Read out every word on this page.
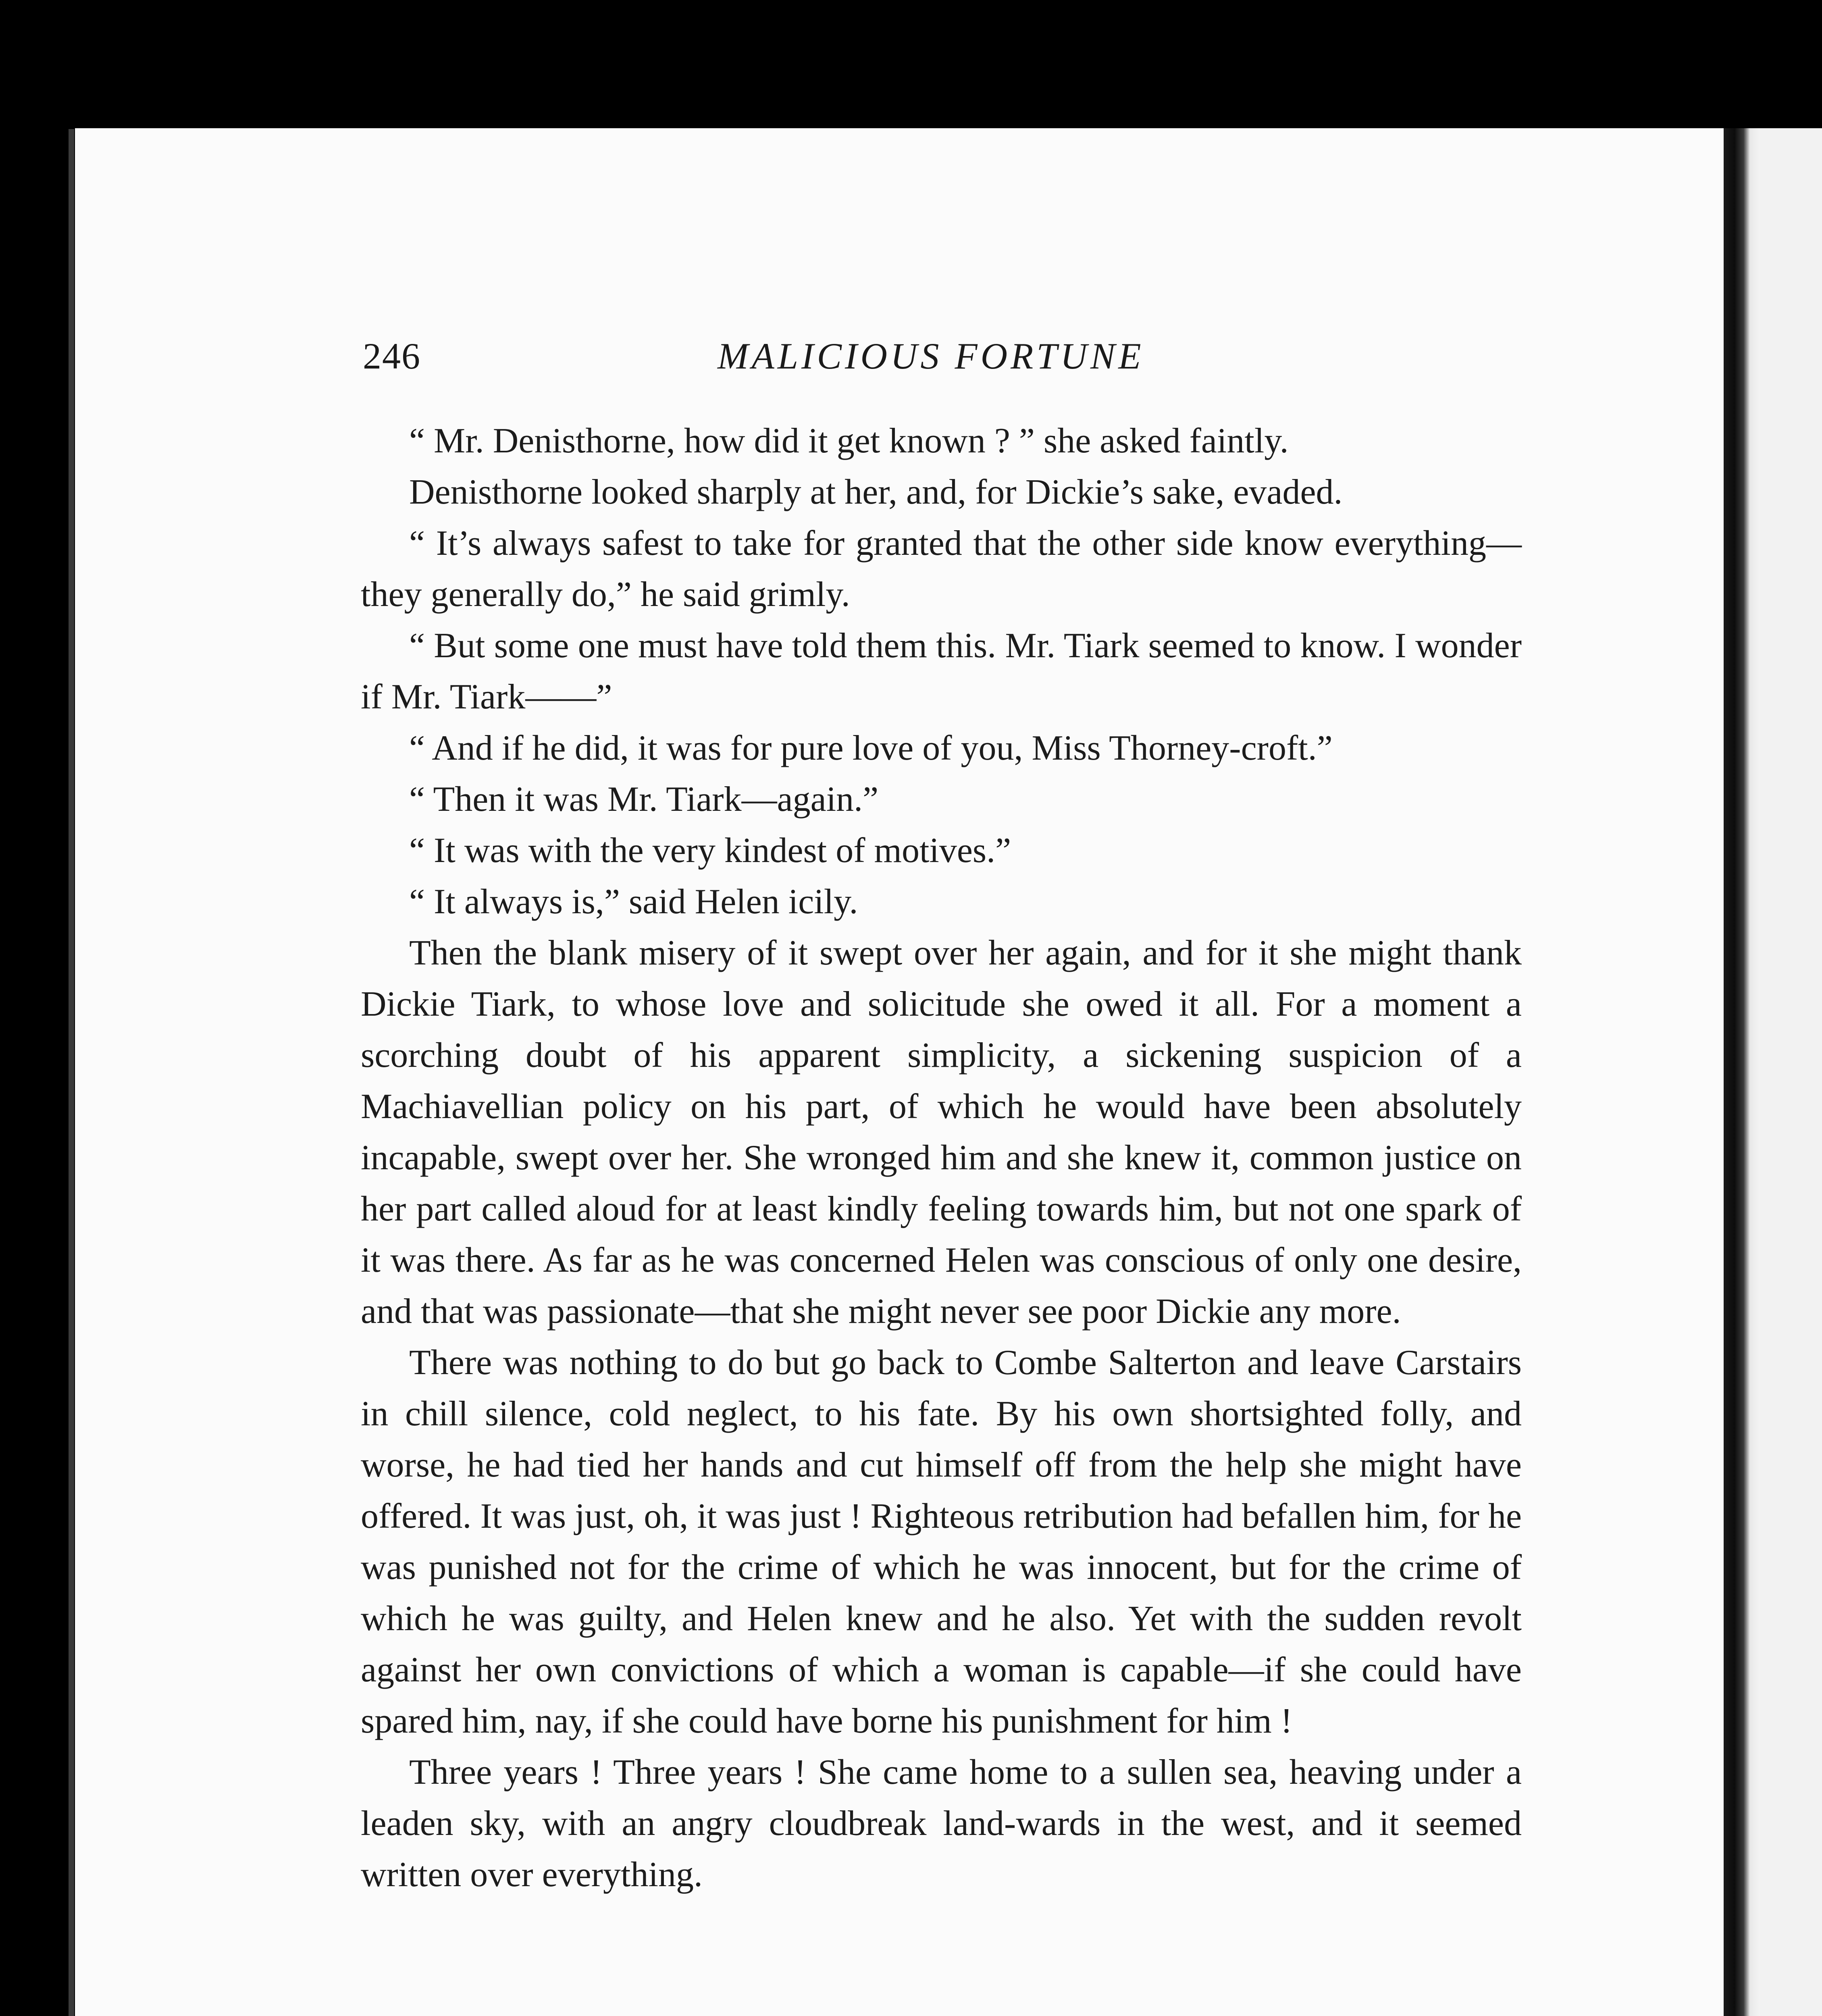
246	MALICIOUS FORTUNE

“ Mr. Denisthorne, how did it get known ? ” she asked faintly.

Denisthorne looked sharply at her, and, for Dickie’s sake, evaded.

“ It’s always safest to take for granted that the other side know everything—they generally do,” he said grimly.

“ But some one must have told them this. Mr. Tiark seemed to know. I wonder if Mr. Tiark——”

“ And if he did, it was for pure love of you, Miss Thorney-croft.”

“ Then it was Mr. Tiark—again.”

“ It was with the very kindest of motives.”

“ It always is,” said Helen icily.

Then the blank misery of it swept over her again, and for it she might thank Dickie Tiark, to whose love and solicitude she owed it all. For a moment a scorching doubt of his apparent simplicity, a sickening suspicion of a Machiavellian policy on his part, of which he would have been absolutely incapable, swept over her. She wronged him and she knew it, common justice on her part called aloud for at least kindly feeling towards him, but not one spark of it was there. As far as he was concerned Helen was conscious of only one desire, and that was passionate—that she might never see poor Dickie any more.

There was nothing to do but go back to Combe Salterton and leave Carstairs in chill silence, cold neglect, to his fate. By his own shortsighted folly, and worse, he had tied her hands and cut himself off from the help she might have offered. It was just, oh, it was just ! Righteous retribution had befallen him, for he was punished not for the crime of which he was innocent, but for the crime of which he was guilty, and Helen knew and he also. Yet with the sudden revolt against her own convictions of which a woman is capable—if she could have spared him, nay, if she could have borne his punishment for him !

Three years ! Three years ! She came home to a sullen sea, heaving under a leaden sky, with an angry cloudbreak land-wards in the west, and it seemed written over everything.
